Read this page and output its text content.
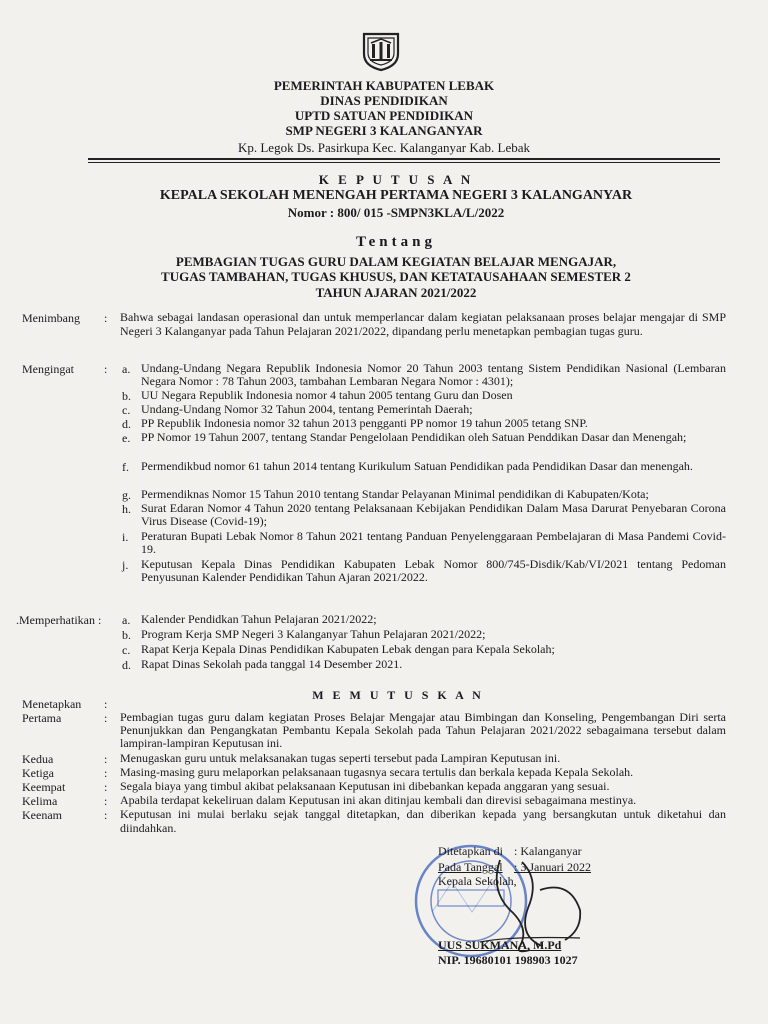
PEMERINTAH KABUPATEN LEBAK
DINAS PENDIDIKAN
UPTD SATUAN PENDIDIKAN
SMP NEGERI 3 KALANGANYAR
Kp. Legok Ds. Pasirkupa Kec. Kalanganyar Kab. Lebak
K E P U T U S A N
KEPALA SEKOLAH MENENGAH PERTAMA NEGERI 3 KALANGANYAR
Nomor : 800/ 015 -SMPN3KLA/L/2022
Tentang
PEMBAGIAN TUGAS GURU DALAM KEGIATAN BELAJAR MENGAJAR,
TUGAS TAMBAHAN, TUGAS KHUSUS, DAN KETATAUSAHAAN SEMESTER 2
TAHUN AJARAN 2021/2022
Menimbang : Bahwa sebagai landasan operasional dan untuk memperlancar dalam kegiatan pelaksanaan proses belajar mengajar di SMP Negeri 3 Kalanganyar pada Tahun Pelajaran 2021/2022, dipandang perlu menetapkan pembagian tugas guru.
Mengingat	: a. Undang-Undang Negara Republik Indonesia Nomor 20 Tahun 2003 tentang Sistem Pendidikan Nasional (Lembaran Negara Nomor : 78 Tahun 2003, tambahan Lembaran Negara Nomor : 4301);
b. UU Negara Republik Indonesia nomor 4 tahun 2005 tentang Guru dan Dosen
c. Undang-Undang Nomor 32 Tahun 2004, tentang Pemerintah Daerah;
d. PP Republik Indonesia nomor 32 tahun 2013 pengganti PP nomor 19 tahun 2005 tetang SNP.
e. PP Nomor 19 Tahun 2007, tentang Standar Pengelolaan Pendidikan oleh Satuan Penddikan Dasar dan Menengah;
f. Permendikbud nomor 61 tahun 2014 tentang Kurikulum Satuan Pendidikan pada Pendidikan Dasar dan menengah.
g. Permendiknas Nomor 15 Tahun 2010 tentang Standar Pelayanan Minimal pendidikan di Kabupaten/Kota;
h. Surat Edaran Nomor 4 Tahun 2020 tentang Pelaksanaan Kebijakan Pendidikan Dalam Masa Darurat Penyebaran Corona Virus Disease (Covid-19);
i. Peraturan Bupati Lebak Nomor 8 Tahun 2021 tentang Panduan Penyelenggaraan Pembelajaran di Masa Pandemi Covid-19.
j. Keputusan Kepala Dinas Pendidikan Kabupaten Lebak Nomor 800/745-Disdik/Kab/VI/2021 tentang Pedoman Penyusunan Kalender Pendidikan Tahun Ajaran 2021/2022.
.Memperhatikan : a. Kalender Pendidkan Tahun Pelajaran 2021/2022;
b. Program Kerja SMP Negeri 3 Kalanganyar Tahun Pelajaran 2021/2022;
c. Rapat Kerja Kepala Dinas Pendidikan Kabupaten Lebak dengan para Kepala Sekolah;
d. Rapat Dinas Sekolah pada tanggal 14 Desember 2021.
M E M U T U S K A N
Menetapkan :
Pertama	: Pembagian tugas guru dalam kegiatan Proses Belajar Mengajar atau Bimbingan dan Konseling, Pengembangan Diri serta Penunjukkan dan Pengangkatan Pembantu Kepala Sekolah pada Tahun Pelajaran 2021/2022 sebagaimana tersebut dalam lampiran-lampiran Keputusan ini.
Kedua	: Menugaskan guru untuk melaksanakan tugas seperti tersebut pada Lampiran Keputusan ini.
Ketiga	: Masing-masing guru melaporkan pelaksanaan tugasnya secara tertulis dan berkala kepada Kepala Sekolah.
Keempat	: Segala biaya yang timbul akibat pelaksanaan Keputusan ini dibebankan kepada anggaran yang sesuai.
Kelima	: Apabila terdapat kekeliruan dalam Keputusan ini akan ditinjau kembali dan direvisi sebagaimana mestinya.
Keenam	: Keputusan ini mulai berlaku sejak tanggal ditetapkan, dan diberikan kepada yang bersangkutan untuk diketahui dan diindahkan.
Ditetapkan di : Kalanganyar
Pada Tanggal : 3 Januari 2022
Kepala Sekolah,
UUS SUKMANA, M.Pd
NIP. 19680101 198903 1027
